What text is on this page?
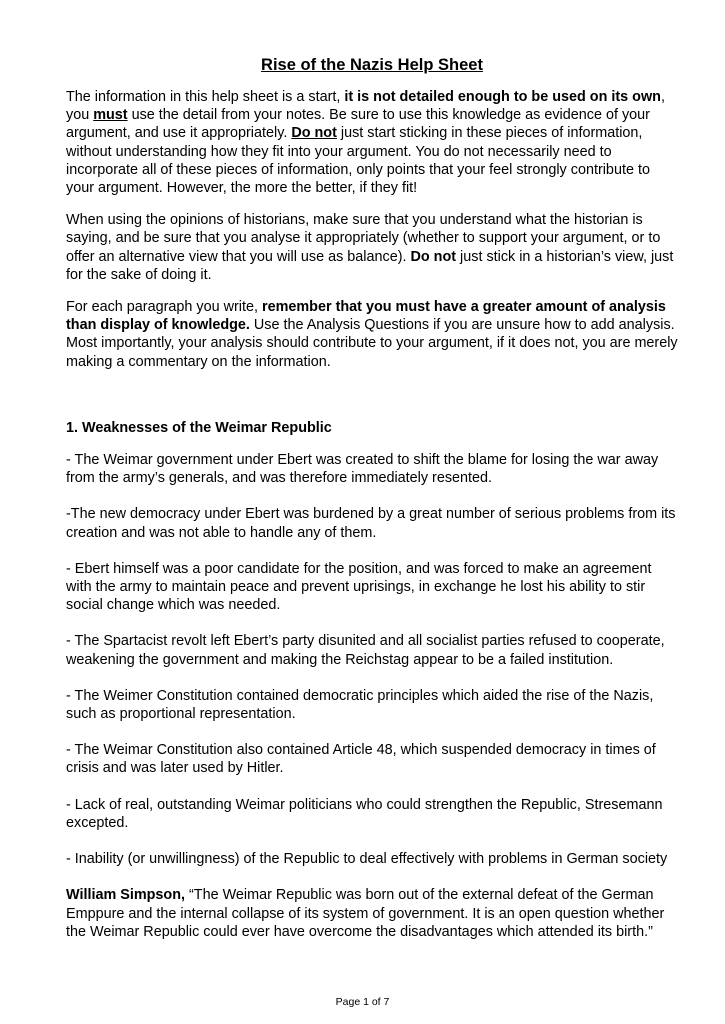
Rise of the Nazis Help Sheet

The information in this help sheet is a start, it is not detailed enough to be used on its own, you must use the detail from your notes. Be sure to use this knowledge as evidence of your argument, and use it appropriately. Do not just start sticking in these pieces of information, without understanding how they fit into your argument. You do not necessarily need to incorporate all of these pieces of information, only points that your feel strongly contribute to your argument. However, the more the better, if they fit!

When using the opinions of historians, make sure that you understand what the historian is saying, and be sure that you analyse it appropriately (whether to support your argument, or to offer an alternative view that you will use as balance). Do not just stick in a historian’s view, just for the sake of doing it.

For each paragraph you write, remember that you must have a greater amount of analysis than display of knowledge. Use the Analysis Questions if you are unsure how to add analysis. Most importantly, your analysis should contribute to your argument, if it does not, you are merely making a commentary on the information.

1. Weaknesses of the Weimar Republic

- The Weimar government under Ebert was created to shift the blame for losing the war away from the army’s generals, and was therefore immediately resented.

-The new democracy under Ebert was burdened by a great number of serious problems from its creation and was not able to handle any of them.

- Ebert himself was a poor candidate for the position, and was forced to make an agreement with the army to maintain peace and prevent uprisings, in exchange he lost his ability to stir social change which was needed.

- The Spartacist revolt left Ebert’s party disunited and all socialist parties refused to cooperate, weakening the government and making the Reichstag appear to be a failed institution.

- The Weimer Constitution contained democratic principles which aided the rise of the Nazis, such as proportional representation.

- The Weimar Constitution also contained Article 48, which suspended democracy in times of crisis and was later used by Hitler.

- Lack of real, outstanding Weimar politicians who could strengthen the Republic, Stresemann excepted.

- Inability (or unwillingness) of the Republic to deal effectively with problems in German society

William Simpson, “The Weimar Republic was born out of the external defeat of the German Emppure and the internal collapse of its system of government. It is an open question whether the Weimar Republic could ever have overcome the disadvantages which attended its birth.”

Page 1 of 7
